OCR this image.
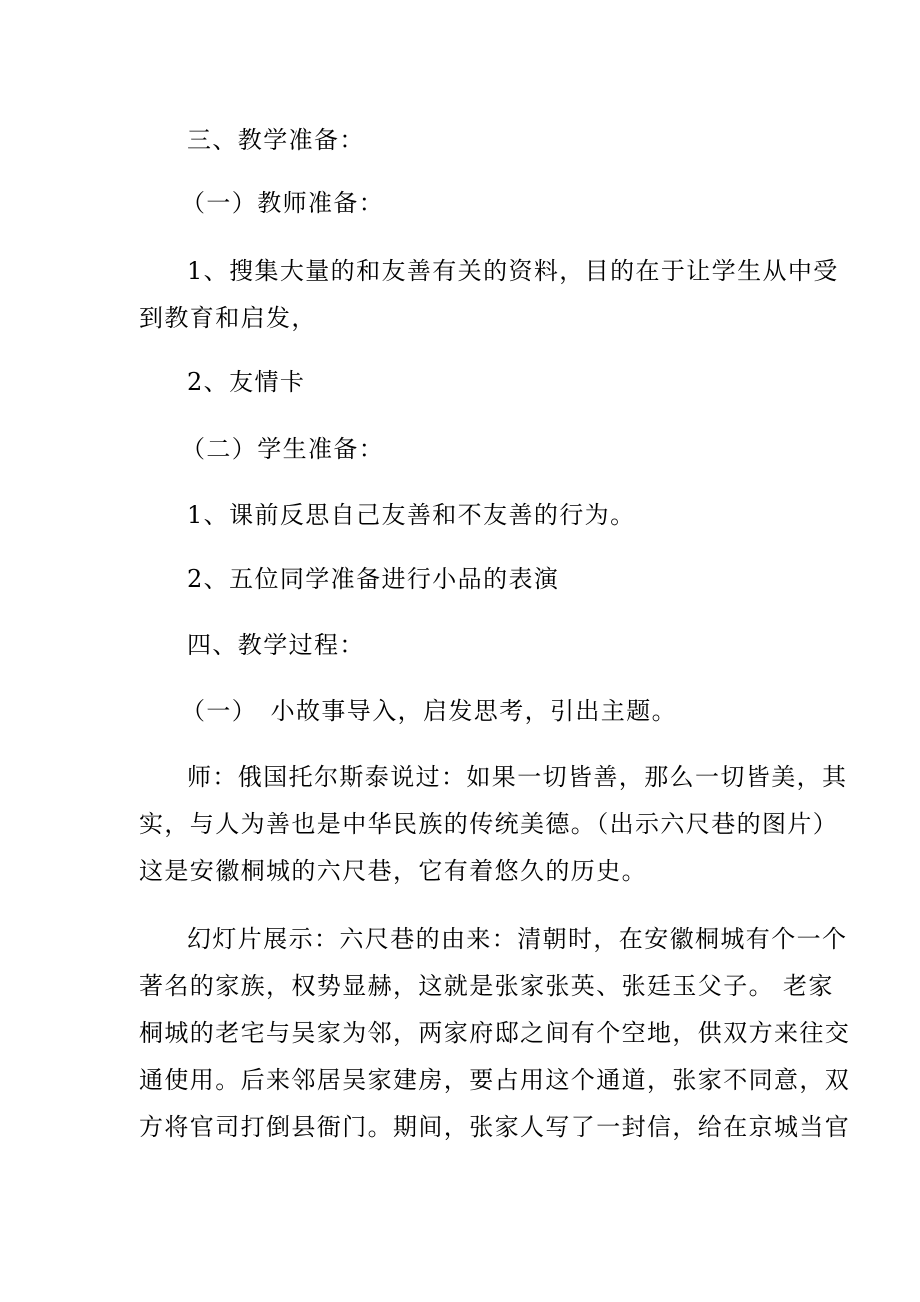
三、教学准备：
（一）教师准备：
1、搜集大量的和友善有关的资料，目的在于让学生从中受
到教育和启发，
2、友情卡
（二）学生准备：
1、课前反思自己友善和不友善的行为。
2、五位同学准备进行小品的表演
四、教学过程：
（一）　小故事导入，启发思考，引出主题。
师：俄国托尔斯泰说过：如果一切皆善，那么一切皆美，其
实，与人为善也是中华民族的传统美德。（出示六尺巷的图片）
这是安徽桐城的六尺巷，它有着悠久的历史。
幻灯片展示：六尺巷的由来：清朝时，在安徽桐城有个一个
著名的家族，权势显赫，这就是张家张英、张廷玉父子。 老家
桐城的老宅与吴家为邻，两家府邸之间有个空地，供双方来往交
通使用。后来邻居吴家建房，要占用这个通道，张家不同意，双
方将官司打倒县衙门。期间，张家人写了一封信，给在京城当官
